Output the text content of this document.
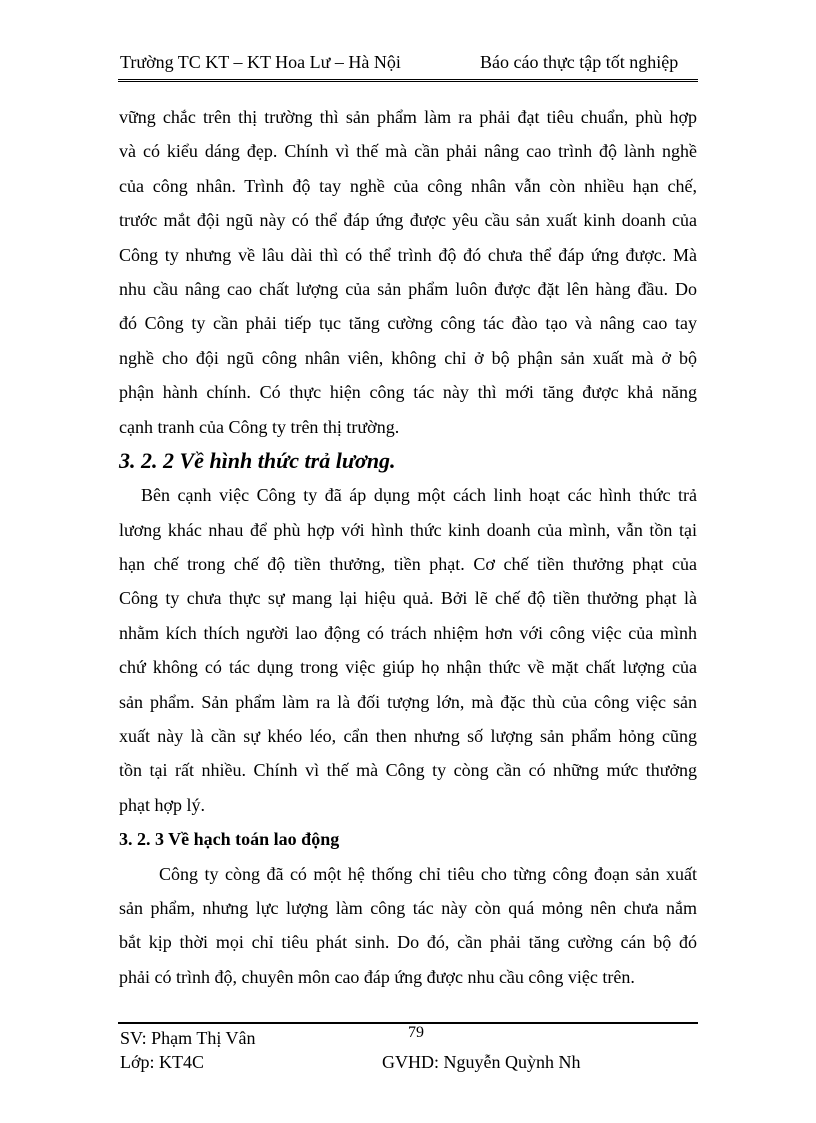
Trường TC KT – KT Hoa Lư – Hà Nội	Báo cáo thực tập tốt nghiệp
vững chắc trên thị trường thì sản phẩm làm ra phải đạt tiêu chuẩn, phù hợp
và có kiểu dáng đẹp. Chính vì thế mà cần phải nâng cao trình độ lành nghề
của công nhân. Trình độ tay nghề của công nhân vẫn còn nhiều hạn chế,
trước mắt đội ngũ này có thể đáp ứng được yêu cầu sản xuất kinh doanh của
Công ty nhưng về lâu dài thì có thể trình độ đó chưa thể đáp ứng được. Mà
nhu cầu nâng cao chất lượng của sản phẩm luôn được đặt lên hàng đầu. Do
đó Công ty cần phải tiếp tục tăng cường công tác đào tạo và nâng cao tay
nghề cho đội ngũ công nhân viên, không chỉ ở bộ phận sản xuất mà ở bộ
phận hành chính. Có thực hiện công tác này thì mới tăng được khả năng
cạnh tranh của Công ty trên thị trường.
3. 2. 2 Về hình thức trả lương.
Bên cạnh việc Công ty đã áp dụng một cách linh hoạt các hình thức trả
lương khác nhau để phù hợp với hình thức kinh doanh của mình, vẫn tồn tại
hạn chế trong chế độ tiền thưởng, tiền phạt. Cơ chế tiền thưởng phạt của
Công ty chưa thực sự mang lại hiệu quả. Bởi lẽ chế độ tiền thưởng phạt là
nhằm kích thích người lao động có trách nhiệm hơn với công việc của mình
chứ không có tác dụng trong việc giúp họ nhận thức về mặt chất lượng của
sản phẩm. Sản phẩm làm ra là đối tượng lớn, mà đặc thù của công việc sản
xuất này là cần sự khéo léo, cẩn then nhưng số lượng sản phẩm hỏng cũng
tồn tại rất nhiều. Chính vì thế mà Công ty còng cần có những mức thưởng
phạt hợp lý.
3. 2. 3 Về hạch toán lao động
Công ty còng đã có một hệ thống chỉ tiêu cho từng công đoạn sản xuất
sản phẩm, nhưng lực lượng làm công tác này còn quá mỏng nên chưa nắm
bắt kịp thời mọi chỉ tiêu phát sinh. Do đó, cần phải tăng cường cán bộ đó
phải có trình độ, chuyên môn cao đáp ứng được nhu cầu công việc trên.
79
SV: Phạm Thị Vân
Lớp: KT4C	GVHD: Nguyễn Quỳnh Nh
